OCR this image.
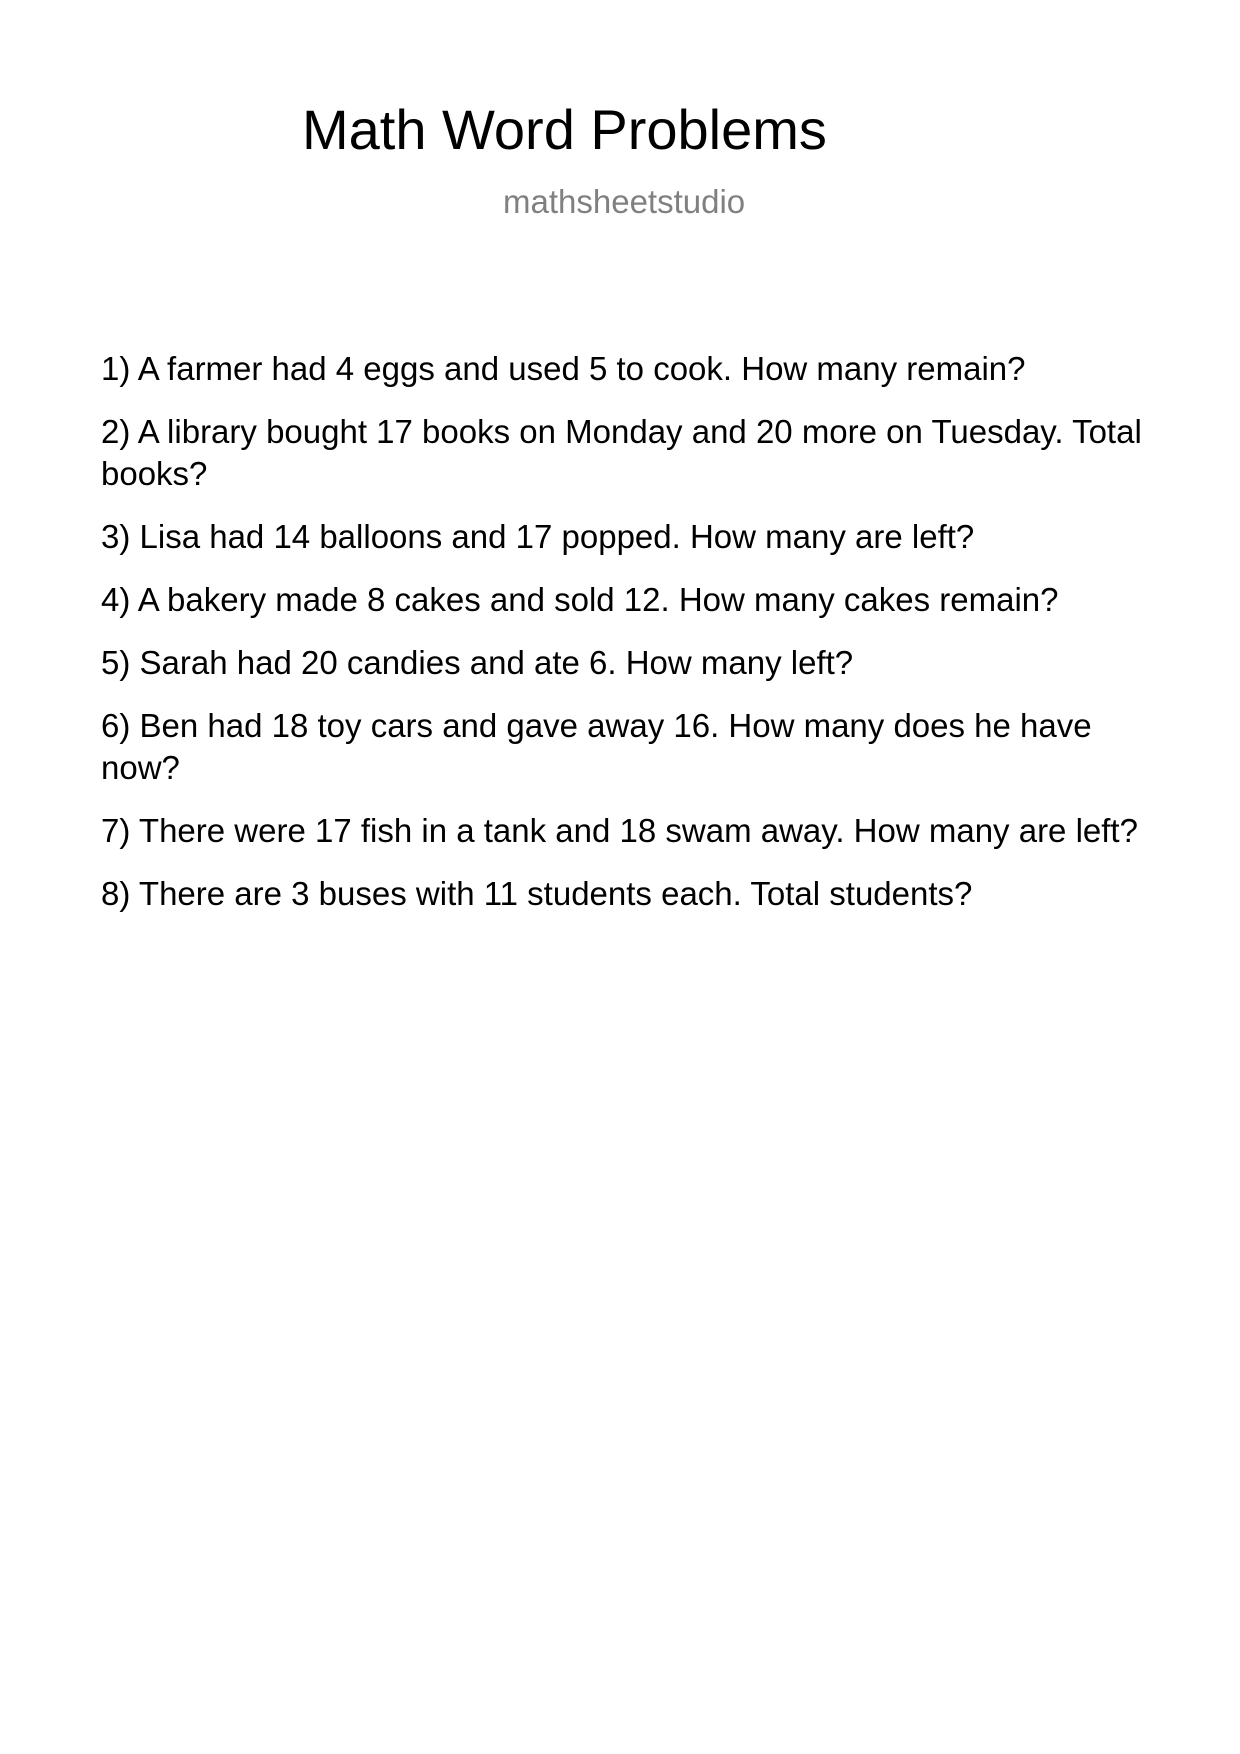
Math Word Problems
mathsheetstudio
1) A farmer had 4 eggs and used 5 to cook. How many remain?
2) A library bought 17 books on Monday and 20 more on Tuesday. Total books?
3) Lisa had 14 balloons and 17 popped. How many are left?
4) A bakery made 8 cakes and sold 12. How many cakes remain?
5) Sarah had 20 candies and ate 6. How many left?
6) Ben had 18 toy cars and gave away 16. How many does he have now?
7) There were 17 fish in a tank and 18 swam away. How many are left?
8) There are 3 buses with 11 students each. Total students?
